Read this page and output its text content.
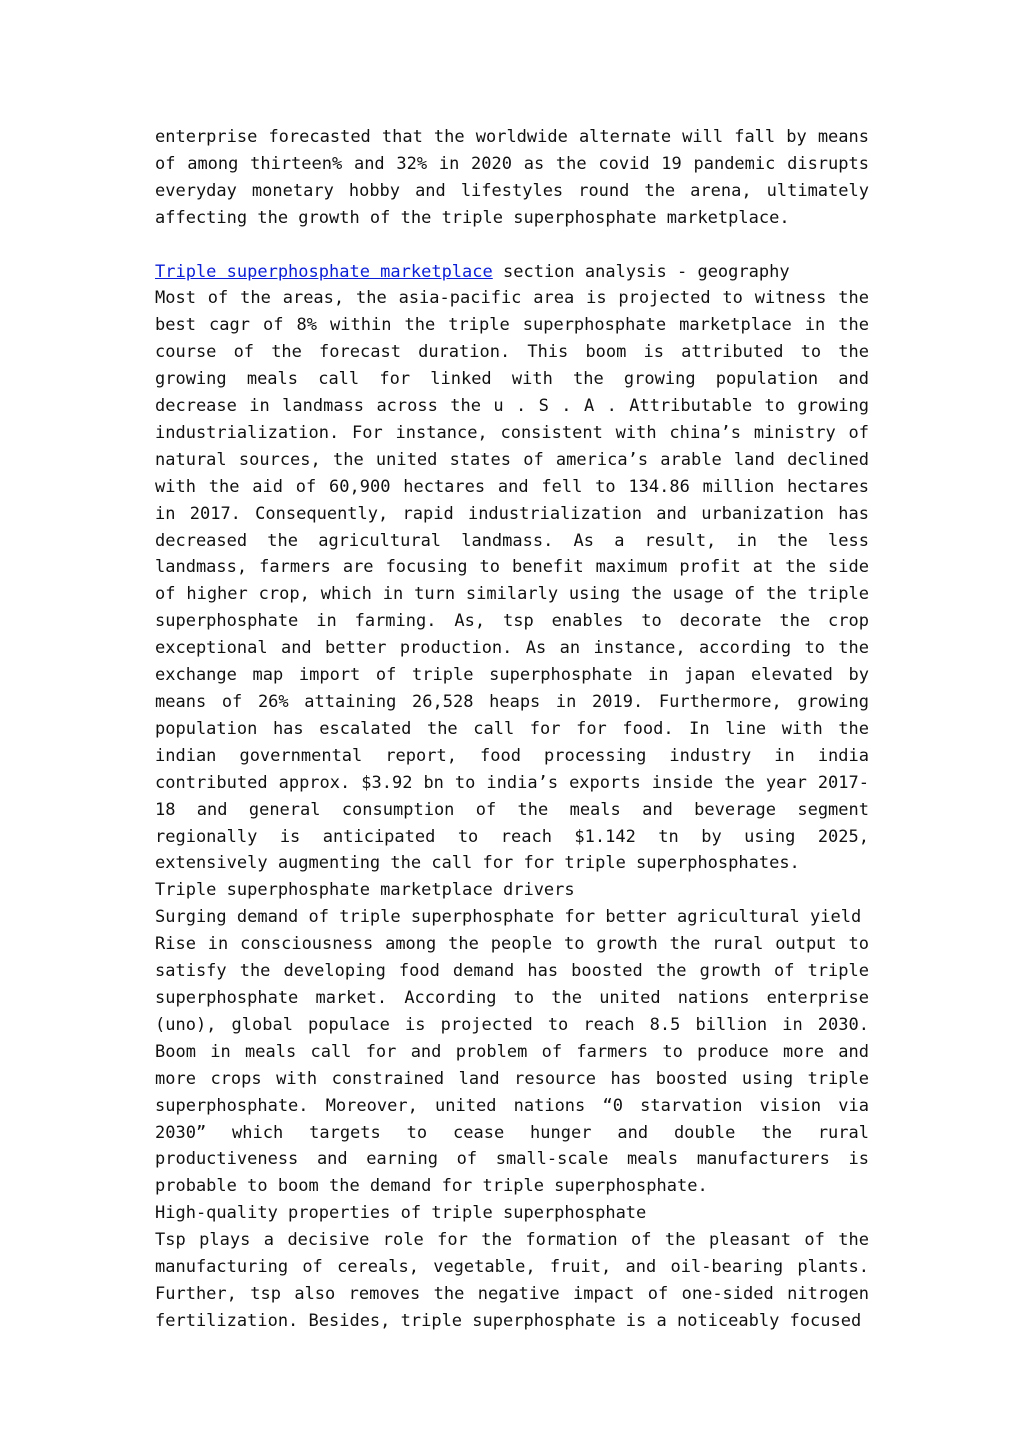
enterprise forecasted that the worldwide alternate will fall by means of among thirteen% and 32% in 2020 as the covid 19 pandemic disrupts everyday monetary hobby and lifestyles round the arena, ultimately affecting the growth of the triple superphosphate marketplace.

Triple superphosphate marketplace section analysis - geography

Most of the areas, the asia-pacific area is projected to witness the best cagr of 8% within the triple superphosphate marketplace in the course of the forecast duration. This boom is attributed to the growing meals call for linked with the growing population and decrease in landmass across the u . S . A . Attributable to growing industrialization. For instance, consistent with china’s ministry of natural sources, the united states of america’s arable land declined with the aid of 60,900 hectares and fell to 134.86 million hectares in 2017. Consequently, rapid industrialization and urbanization has decreased the agricultural landmass. As a result, in the less landmass, farmers are focusing to benefit maximum profit at the side of higher crop, which in turn similarly using the usage of the triple superphosphate in farming. As, tsp enables to decorate the crop exceptional and better production. As an instance, according to the exchange map import of triple superphosphate in japan elevated by means of 26% attaining 26,528 heaps in 2019. Furthermore, growing population has escalated the call for for food. In line with the indian governmental report, food processing industry in india contributed approx. $3.92 bn to india’s exports inside the year 2017-18 and general consumption of the meals and beverage segment regionally is anticipated to reach $1.142 tn by using 2025, extensively augmenting the call for for triple superphosphates.

Triple superphosphate marketplace drivers

Surging demand of triple superphosphate for better agricultural yield

Rise in consciousness among the people to growth the rural output to satisfy the developing food demand has boosted the growth of triple superphosphate market. According to the united nations enterprise (uno), global populace is projected to reach 8.5 billion in 2030. Boom in meals call for and problem of farmers to produce more and more crops with constrained land resource has boosted using triple superphosphate. Moreover, united nations “0 starvation vision via 2030” which targets to cease hunger and double the rural productiveness and earning of small-scale meals manufacturers is probable to boom the demand for triple superphosphate.

High-quality properties of triple superphosphate

Tsp plays a decisive role for the formation of the pleasant of the manufacturing of cereals, vegetable, fruit, and oil-bearing plants. Further, tsp also removes the negative impact of one-sided nitrogen fertilization. Besides, triple superphosphate is a noticeably focused
